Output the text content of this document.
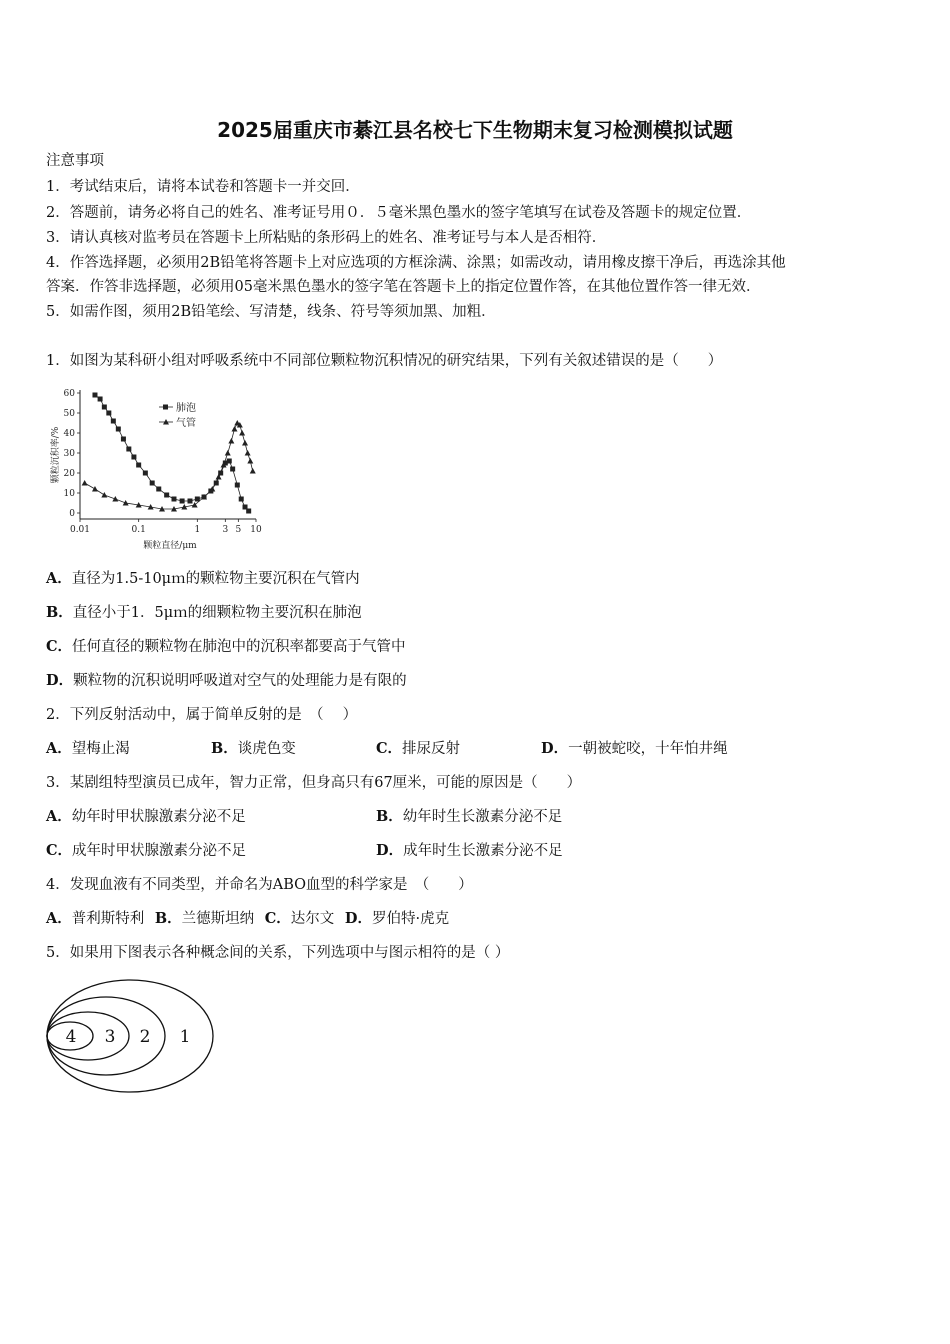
2025届重庆市綦江县名校七下生物期末复习检测模拟试题
注意事项
1．考试结束后，请将本试卷和答题卡一并交回．
2．答题前，请务必将自己的姓名、准考证号用０．５毫米黑色墨水的签字笔填写在试卷及答题卡的规定位置．
3．请认真核对监考员在答题卡上所粘贴的条形码上的姓名、准考证号与本人是否相符．
4．作答选择题，必须用2B铅笔将答题卡上对应选项的方框涂满、涂黑；如需改动，请用橡皮擦干净后，再选涂其他
答案．作答非选择题，必须用05毫米黑色墨水的签字笔在答题卡上的指定位置作答，在其他位置作答一律无效．
5．如需作图，须用2B铅笔绘、写清楚，线条、符号等须加黑、加粗．
1．如图为某科研小组对呼吸系统中不同部位颗粒物沉积情况的研究结果，下列有关叙述错误的是（　　）
0
10
20
30
40
50
60
0.01	0.1	1 3 5 10
颗粒沉积率/%
颗粒直径/μm
肺泡
气管
A．直径为1.5-10μｍ的颗粒物主要沉积在气管内
B．直径小于1．5μｍ的细颗粒物主要沉积在肺泡
C．任何直径的颗粒物在肺泡中的沉积率都要高于气管中
D．颗粒物的沉积说明呼吸道对空气的处理能力是有限的
2．下列反射活动中，属于简单反射的是　（　 ）
A．望梅止渴	B．谈虎色变	C．排尿反射	D．一朝被蛇咬，十年怕井绳
3．某剧组特型演员已成年，智力正常，但身高只有67厘米，可能的原因是（　　）
A．幼年时甲状腺激素分泌不足	B．幼年时生长激素分泌不足
C．成年时甲状腺激素分泌不足	D．成年时生长激素分泌不足
4．发现血液有不同类型，并命名为ABO血型的科学家是　（　　）
A．普利斯特利 B．兰德斯坦纳 C．达尔文 D．罗伯特·虎克
5．如果用下图表示各种概念间的关系，下列选项中与图示相符的是（ ）
4 3 2 1
